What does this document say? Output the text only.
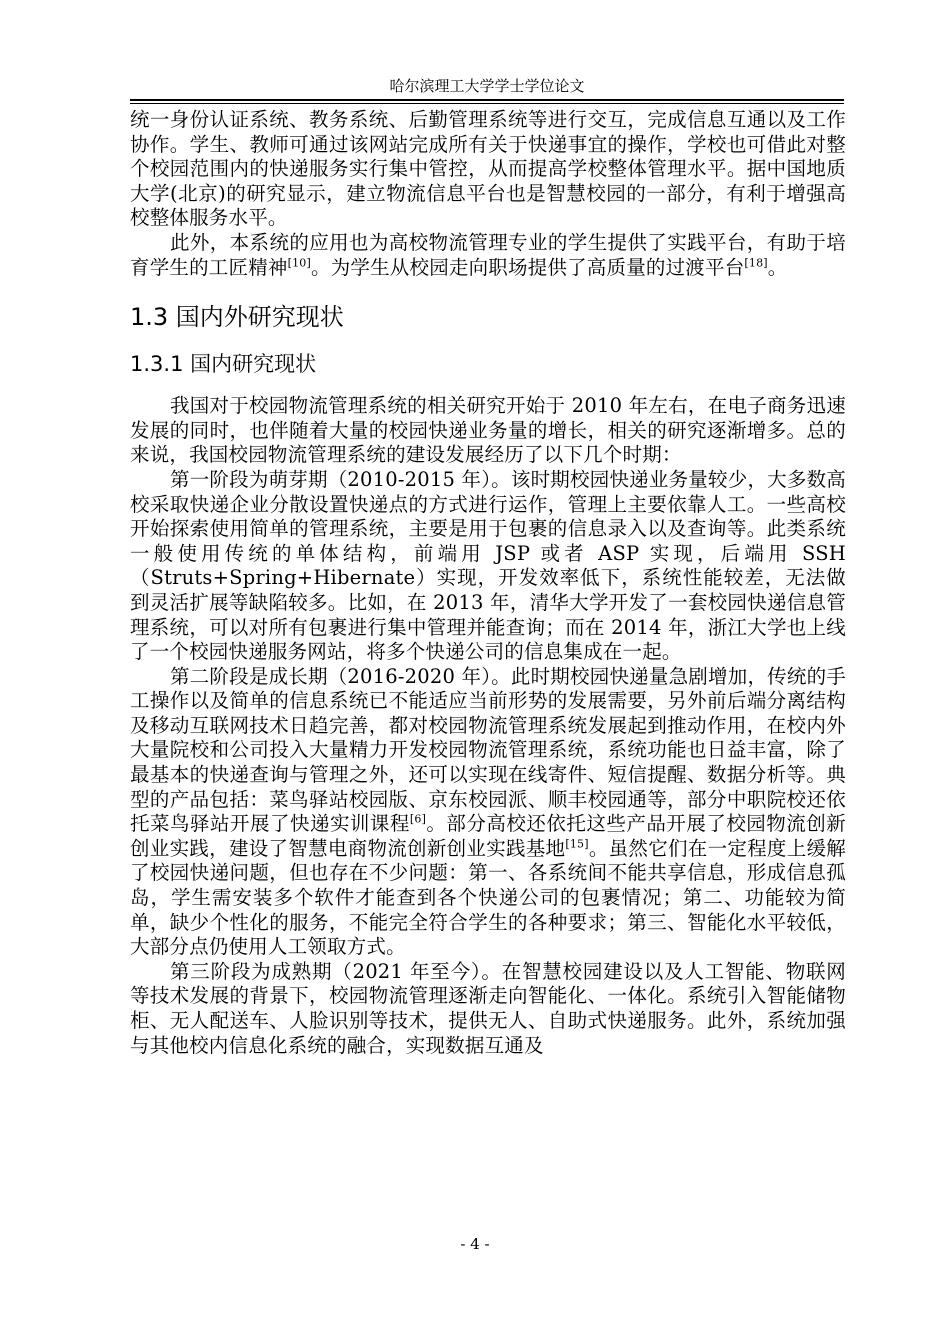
哈尔滨理工大学学士学位论文

统一身份认证系统、教务系统、后勤管理系统等进行交互，完成信息互通以及工作协作。学生、教师可通过该网站完成所有关于快递事宜的操作，学校也可借此对整个校园范围内的快递服务实行集中管控，从而提高学校整体管理水平。据中国地质大学(北京)的研究显示，建立物流信息平台也是智慧校园的一部分，有利于增强高校整体服务水平。

此外，本系统的应用也为高校物流管理专业的学生提供了实践平台，有助于培育学生的工匠精神[10]。为学生从校园走向职场提供了高质量的过渡平台[18]。

1.3 国内外研究现状
1.3.1 国内研究现状

我国对于校园物流管理系统的相关研究开始于 2010 年左右，在电子商务迅速发展的同时，也伴随着大量的校园快递业务量的增长，相关的研究逐渐增多。总的来说，我国校园物流管理系统的建设发展经历了以下几个时期：

第一阶段为萌芽期（2010-2015 年）。该时期校园快递业务量较少，大多数高校采取快递企业分散设置快递点的方式进行运作，管理上主要依靠人工。一些高校开始探索使用简单的管理系统，主要是用于包裹的信息录入以及查询等。此类系统一般使用传统的单体结构，前端用 JSP 或者 ASP 实现，后端用 SSH（Struts+Spring+Hibernate）实现，开发效率低下，系统性能较差，无法做到灵活扩展等缺陷较多。比如，在 2013 年，清华大学开发了一套校园快递信息管理系统，可以对所有包裹进行集中管理并能查询；而在 2014 年，浙江大学也上线了一个校园快递服务网站，将多个快递公司的信息集成在一起。

第二阶段是成长期（2016-2020 年）。此时期校园快递量急剧增加，传统的手工操作以及简单的信息系统已不能适应当前形势的发展需要，另外前后端分离结构及移动互联网技术日趋完善，都对校园物流管理系统发展起到推动作用，在校内外大量院校和公司投入大量精力开发校园物流管理系统，系统功能也日益丰富，除了最基本的快递查询与管理之外，还可以实现在线寄件、短信提醒、数据分析等。典型的产品包括：菜鸟驿站校园版、京东校园派、顺丰校园通等，部分中职院校还依托菜鸟驿站开展了快递实训课程[6]。部分高校还依托这些产品开展了校园物流创新创业实践，建设了智慧电商物流创新创业实践基地[15]。虽然它们在一定程度上缓解了校园快递问题，但也存在不少问题：第一、各系统间不能共享信息，形成信息孤岛，学生需安装多个软件才能查到各个快递公司的包裹情况；第二、功能较为简单，缺少个性化的服务，不能完全符合学生的各种要求；第三、智能化水平较低，大部分点仍使用人工领取方式。

第三阶段为成熟期（2021 年至今）。在智慧校园建设以及人工智能、物联网等技术发展的背景下，校园物流管理逐渐走向智能化、一体化。系统引入智能储物柜、无人配送车、人脸识别等技术，提供无人、自助式快递服务。此外，系统加强与其他校内信息化系统的融合，实现数据互通及

- 4 -
